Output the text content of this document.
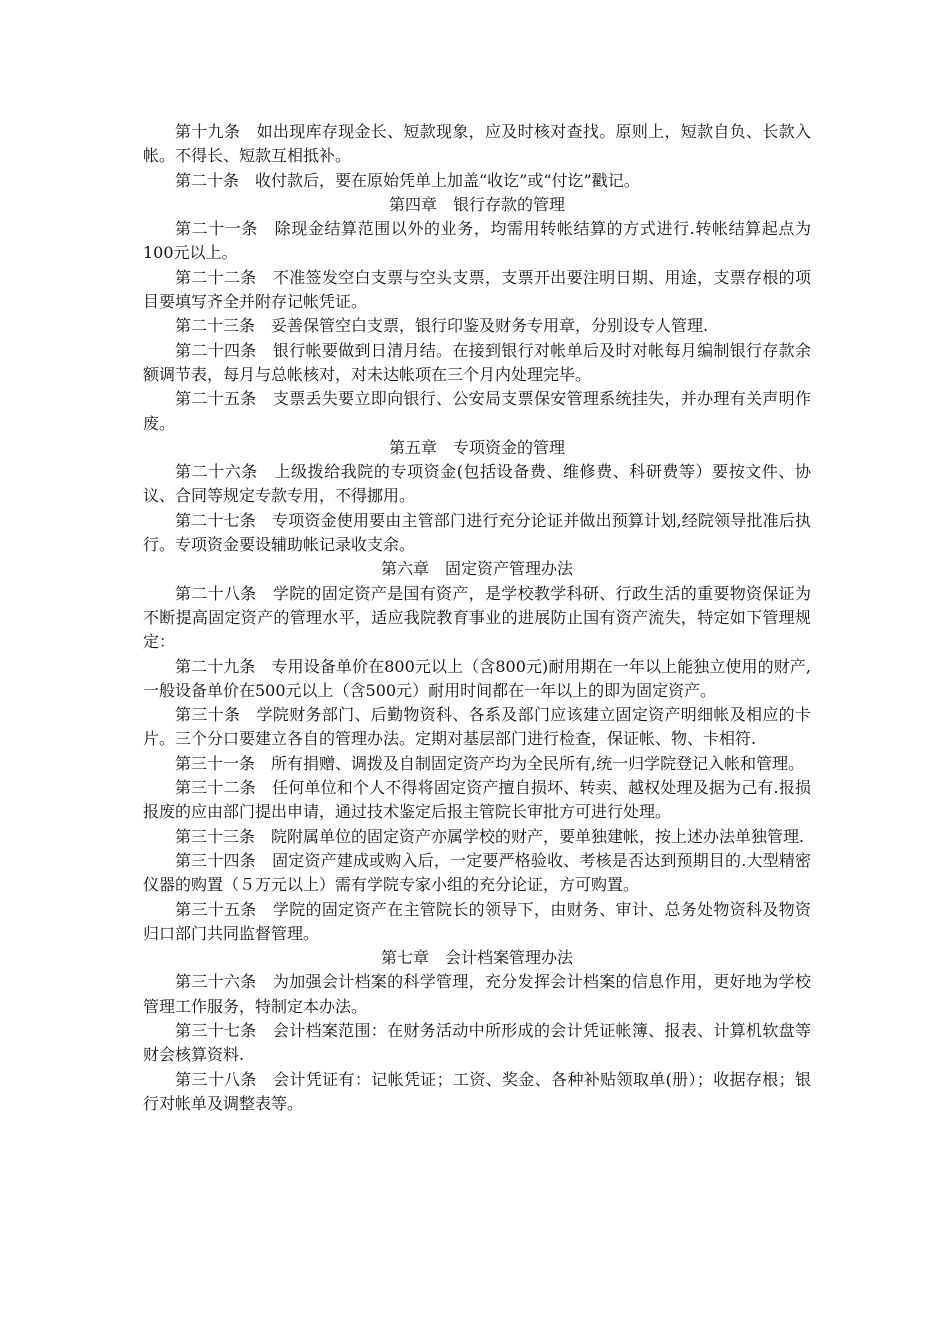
第十九条　如出现库存现金长、短款现象，应及时核对查找。原则上，短款自负、长款入帐。不得长、短款互相抵补。

第二十条　收付款后，要在原始凭单上加盖“收讫”或“付讫”戳记。

第四章　银行存款的管理

第二十一条　除现金结算范围以外的业务，均需用转帐结算的方式进行.转帐结算起点为100元以上。

第二十二条　不准签发空白支票与空头支票，支票开出要注明日期、用途，支票存根的项目要填写齐全并附存记帐凭证。

第二十三条　妥善保管空白支票，银行印鉴及财务专用章，分别设专人管理.

第二十四条　银行帐要做到日清月结。在接到银行对帐单后及时对帐每月编制银行存款余额调节表，每月与总帐核对，对未达帐项在三个月内处理完毕。

第二十五条　支票丢失要立即向银行、公安局支票保安管理系统挂失，并办理有关声明作废。

第五章　专项资金的管理

第二十六条　上级拨给我院的专项资金(包括设备费、维修费、科研费等）要按文件、协议、合同等规定专款专用，不得挪用。

第二十七条　专项资金使用要由主管部门进行充分论证并做出预算计划,经院领导批准后执行。专项资金要设辅助帐记录收支余。

第六章　固定资产管理办法

第二十八条　学院的固定资产是国有资产，是学校教学科研、行政生活的重要物资保证为不断提高固定资产的管理水平，适应我院教育事业的进展防止国有资产流失，特定如下管理规定：

第二十九条　专用设备单价在800元以上（含800元)耐用期在一年以上能独立使用的财产,一般设备单价在500元以上（含500元）耐用时间都在一年以上的即为固定资产。

第三十条　学院财务部门、后勤物资科、各系及部门应该建立固定资产明细帐及相应的卡片。三个分口要建立各自的管理办法。定期对基层部门进行检查，保证帐、物、卡相符.

第三十一条　所有捐赠、调拨及自制固定资产均为全民所有,统一归学院登记入帐和管理。

第三十二条　任何单位和个人不得将固定资产擅自损坏、转卖、越权处理及据为己有.报损报废的应由部门提出申请，通过技术鉴定后报主管院长审批方可进行处理。

第三十三条　院附属单位的固定资产亦属学校的财产，要单独建帐，按上述办法单独管理.

第三十四条　固定资产建成或购入后，一定要严格验收、考核是否达到预期目的.大型精密仪器的购置（５万元以上）需有学院专家小组的充分论证，方可购置。

第三十五条　学院的固定资产在主管院长的领导下，由财务、审计、总务处物资科及物资归口部门共同监督管理。

第七章　会计档案管理办法

第三十六条　为加强会计档案的科学管理，充分发挥会计档案的信息作用，更好地为学校管理工作服务，特制定本办法。

第三十七条　会计档案范围：在财务活动中所形成的会计凭证帐簿、报表、计算机软盘等财会核算资料.

第三十八条　会计凭证有：记帐凭证；工资、奖金、各种补贴领取单(册）；收据存根；银行对帐单及调整表等。
